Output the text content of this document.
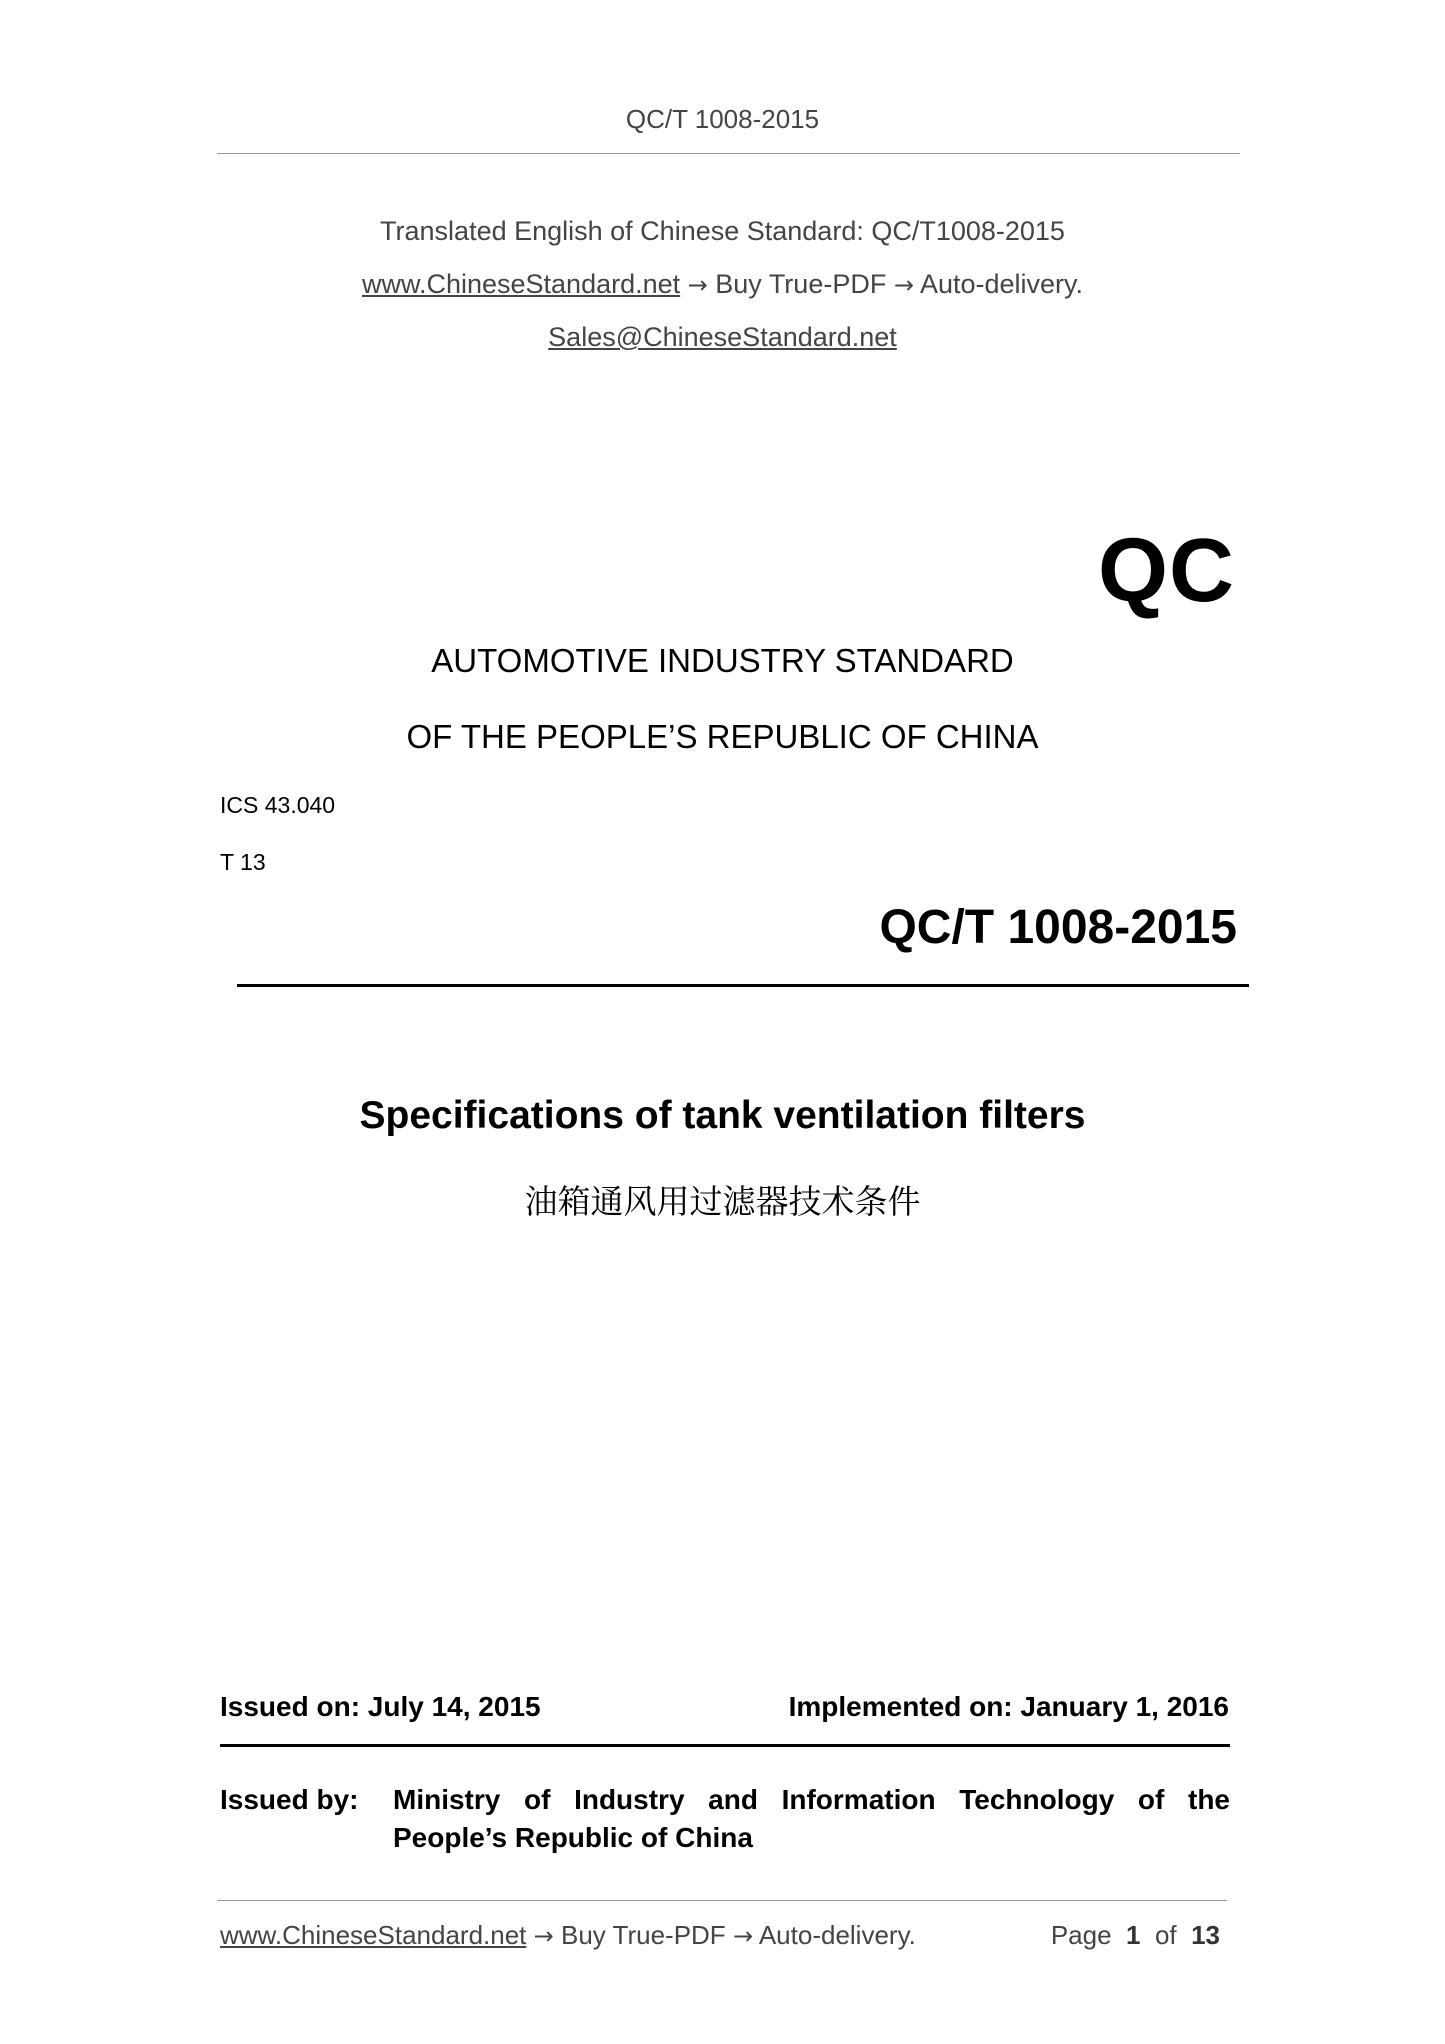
QC/T 1008-2015
Translated English of Chinese Standard: QC/T1008-2015
www.ChineseStandard.net → Buy True-PDF → Auto-delivery.
Sales@ChineseStandard.net
QC
AUTOMOTIVE INDUSTRY STANDARD
OF THE PEOPLE’S REPUBLIC OF CHINA
ICS 43.040
T 13
QC/T 1008-2015
Specifications of tank ventilation filters
油箱通风用过滤器技术条件
Issued on: July 14, 2015	Implemented on: January 1, 2016
Issued by: Ministry of Industry and Information Technology of the
People’s Republic of China
www.ChineseStandard.net → Buy True-PDF → Auto-delivery.	Page 1 of 13
